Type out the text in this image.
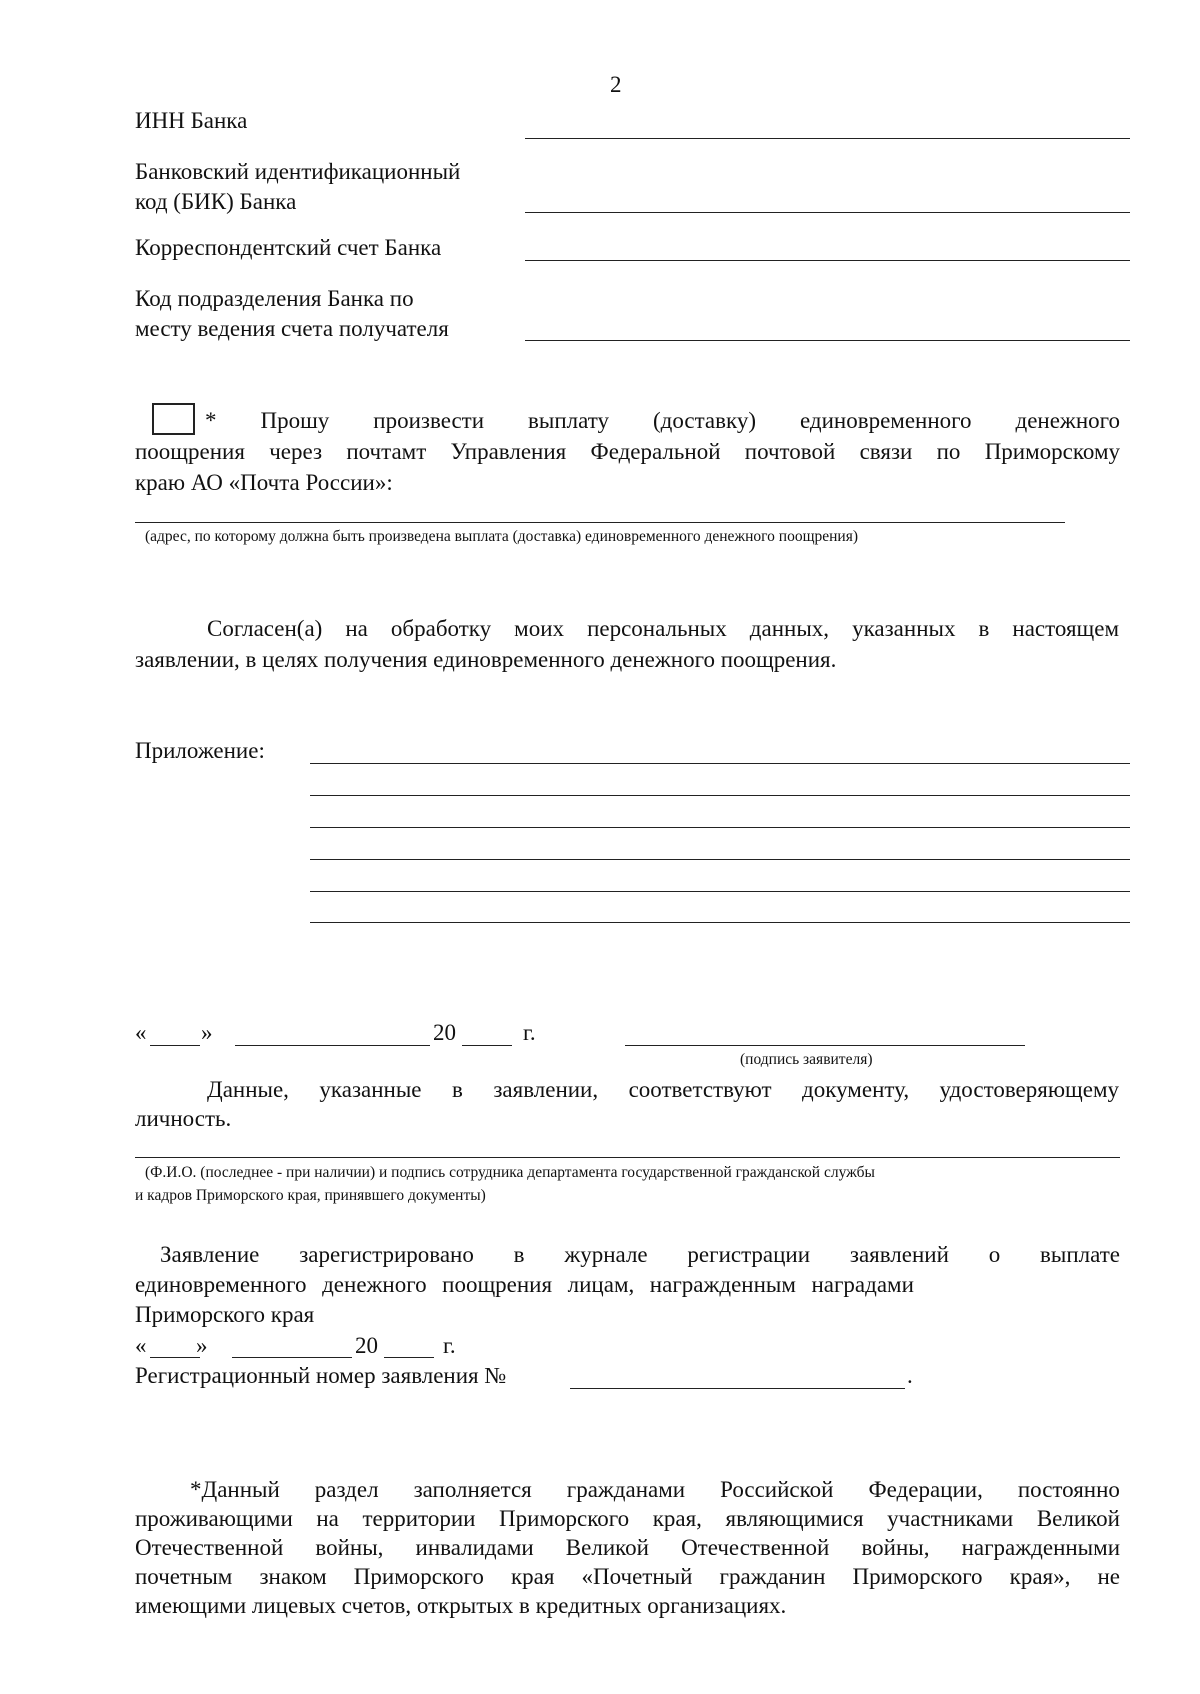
2
ИНН Банка
Банковский идентификационный
код (БИК) Банка
Корреспондентский счет Банка
Код подразделения Банка по
месту ведения счета получателя
* Прошу произвести выплату (доставку) единовременного денежного
поощрения через почтамт Управления Федеральной почтовой связи по Приморскому
краю АО «Почта России»:
(адрес, по которому должна быть произведена выплата (доставка) единовременного денежного поощрения)
Согласен(а) на обработку моих персональных данных, указанных в настоящем
заявлении, в целях получения единовременного денежного поощрения.
Приложение:
« »	20	г.
(подпись заявителя)
Данные, указанные в заявлении, соответствуют документу, удостоверяющему
личность.
(Ф.И.О. (последнее - при наличии) и подпись сотрудника департамента государственной гражданской службы
и кадров Приморского края, принявшего документы)
Заявление зарегистрировано в журнале регистрации заявлений о выплате
единовременного денежного поощрения лицам, награжденным наградами
Приморского края
« »	20	г.
Регистрационный номер заявления №	.
*Данный раздел заполняется гражданами Российской Федерации, постоянно
проживающими на территории Приморского края, являющимися участниками Великой
Отечественной войны, инвалидами Великой Отечественной войны, награжденными
почетным знаком Приморского края «Почетный гражданин Приморского края», не
имеющими лицевых счетов, открытых в кредитных организациях.
